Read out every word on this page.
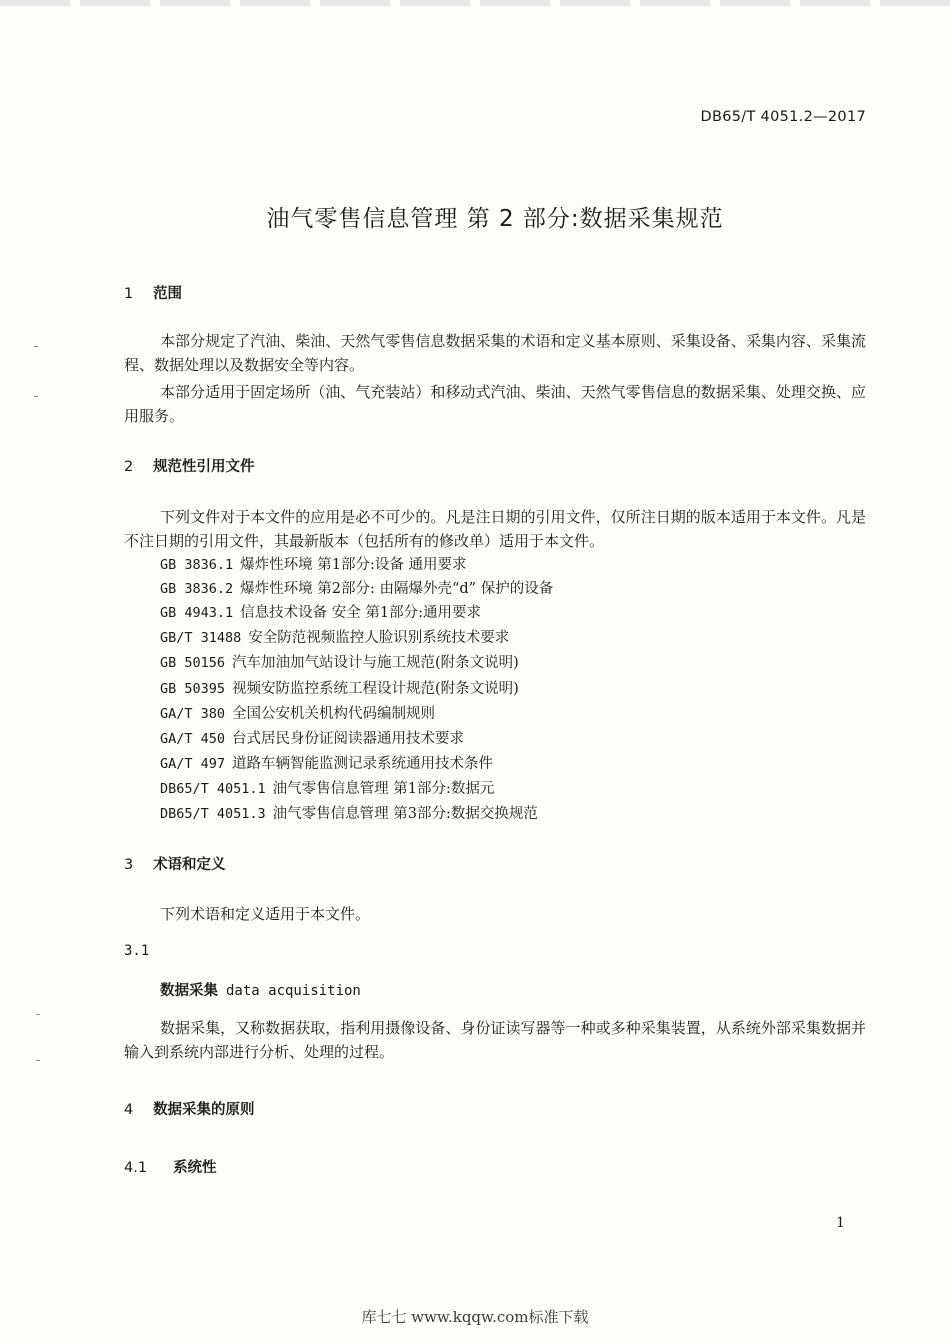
DB65/T 4051.2—2017
油气零售信息管理 第 2 部分:数据采集规范
1 范围
本部分规定了汽油、柴油、天然气零售信息数据采集的术语和定义基本原则、采集设备、采集内容、采集流程、数据处理以及数据安全等内容。
本部分适用于固定场所（油、气充装站）和移动式汽油、柴油、天然气零售信息的数据采集、处理交换、应用服务。
2 规范性引用文件
下列文件对于本文件的应用是必不可少的。凡是注日期的引用文件，仅所注日期的版本适用于本文件。凡是不注日期的引用文件，其最新版本（包括所有的修改单）适用于本文件。
GB 3836.1 爆炸性环境 第1部分:设备 通用要求
GB 3836.2 爆炸性环境 第2部分: 由隔爆外壳“d” 保护的设备
GB 4943.1 信息技术设备 安全 第1部分:通用要求
GB/T 31488 安全防范视频监控人脸识别系统技术要求
GB 50156 汽车加油加气站设计与施工规范(附条文说明)
GB 50395 视频安防监控系统工程设计规范(附条文说明)
GA/T 380 全国公安机关机构代码编制规则
GA/T 450 台式居民身份证阅读器通用技术要求
GA/T 497 道路车辆智能监测记录系统通用技术条件
DB65/T 4051.1 油气零售信息管理 第1部分:数据元
DB65/T 4051.3 油气零售信息管理 第3部分:数据交换规范
3 术语和定义
下列术语和定义适用于本文件。
3.1
数据采集 data acquisition
数据采集，又称数据获取，指利用摄像设备、身份证读写器等一种或多种采集装置，从系统外部采集数据并输入到系统内部进行分析、处理的过程。
4 数据采集的原则
4.1 系统性
1
库七七 www.kqqw.com标准下载
